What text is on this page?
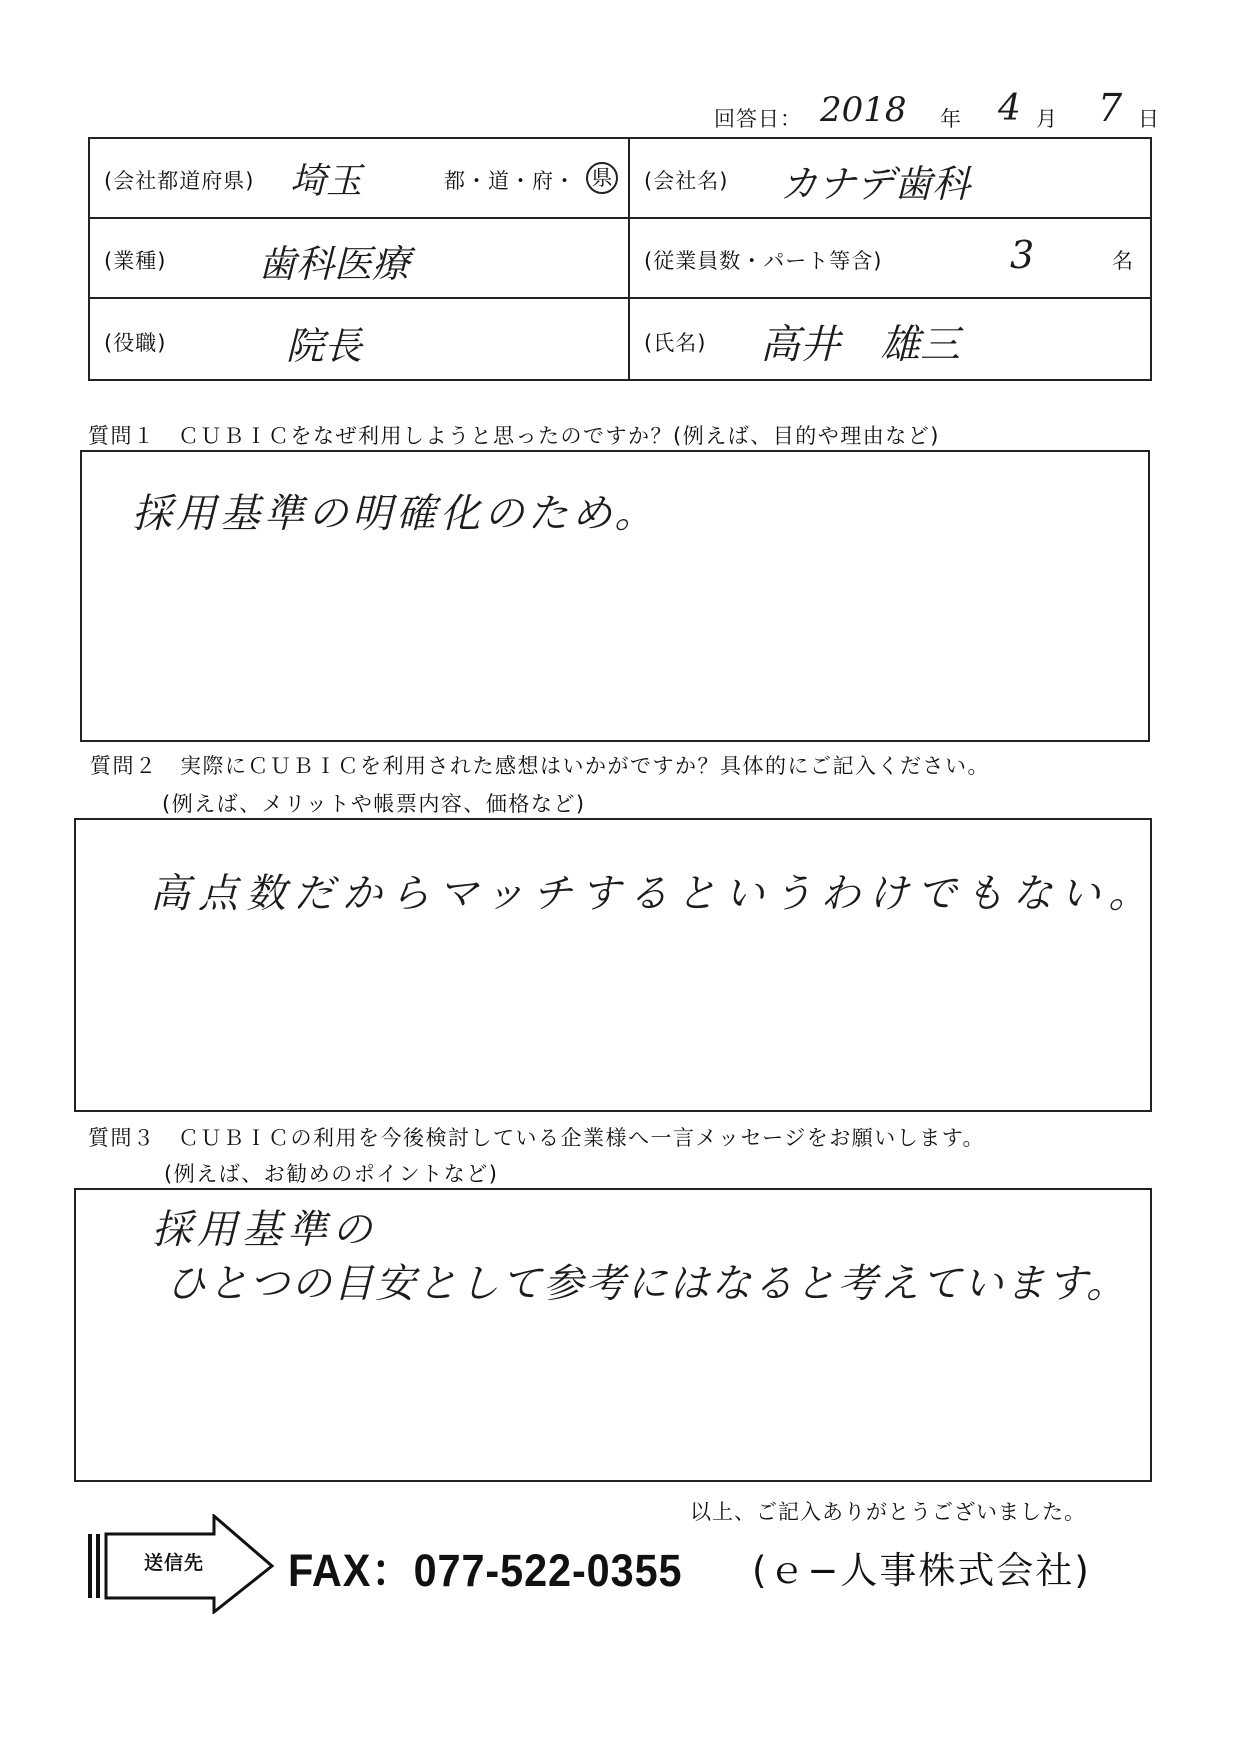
回答日： 2018 年 4 月 7 日
(会社都道府県) 埼玉	都・道・府・ 県 (会社名) カナデ歯科
(業種) 歯科医療	(従業員数・パート等含)	3	名
(役職)	院長	(氏名) 高井　雄三
質問１　ＣＵＢＩＣをなぜ利用しようと思ったのですか？(例えば、目的や理由など)
採用基準の明確化のため。
質問２　実際にＣＵＢＩＣを利用された感想はいかがですか？具体的にご記入ください。
(例えば、メリットや帳票内容、価格など)
高点数だからマッチするというわけでもない。
質問３　ＣＵＢＩＣの利用を今後検討している企業様へ一言メッセージをお願いします。
(例えば、お勧めのポイントなど)
採用基準の
ひとつの目安として参考にはなると考えています。
以上、ご記入ありがとうございました。
送信先 FAX：077-522-0355 (ｅ−人事株式会社)
